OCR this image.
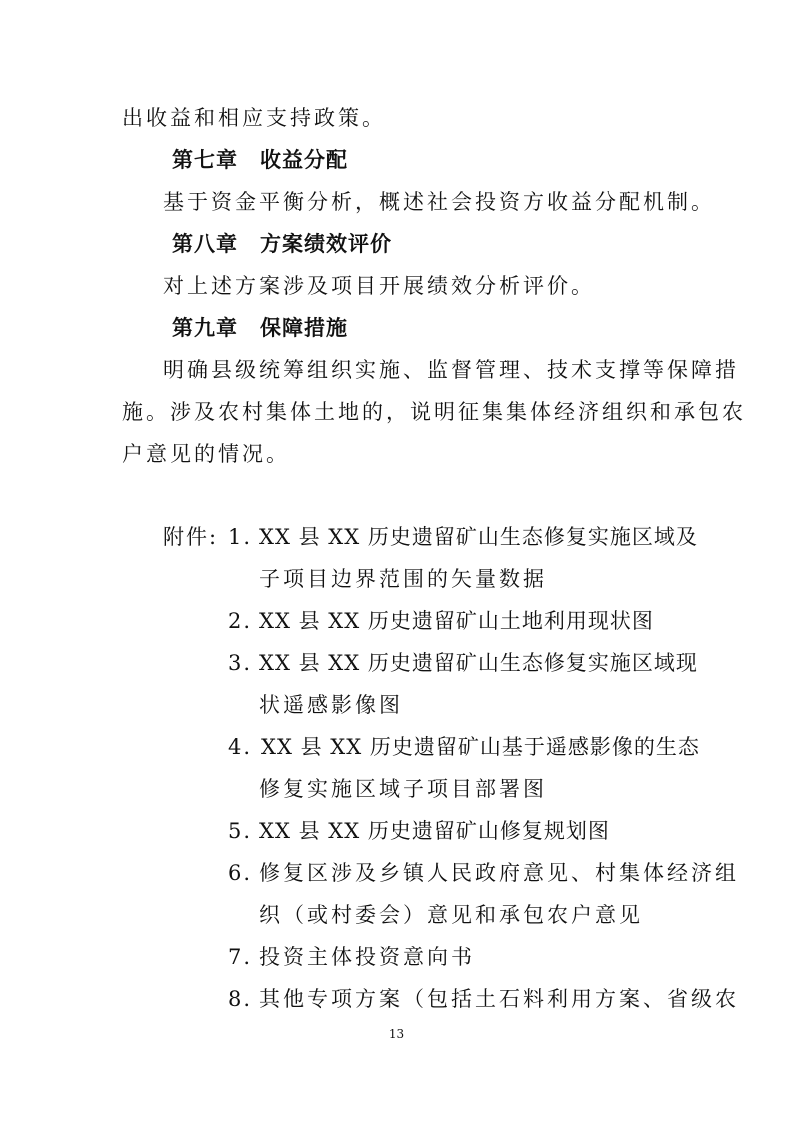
出收益和相应支持政策。
第七章 收益分配
基于资金平衡分析，概述社会投资方收益分配机制。
第八章 方案绩效评价
对上述方案涉及项目开展绩效分析评价。
第九章 保障措施
明确县级统筹组织实施、监督管理、技术支撑等保障措
施。涉及农村集体土地的，说明征集集体经济组织和承包农
户意见的情况。
附件: 1. XX 县 XX 历史遗留矿山生态修复实施区域及
子项目边界范围的矢量数据
2. XX 县 XX 历史遗留矿山土地利用现状图
3. XX 县 XX 历史遗留矿山生态修复实施区域现
状遥感影像图
4. XX 县 XX 历史遗留矿山基于遥感影像的生态
修复实施区域子项目部署图
5. XX 县 XX 历史遗留矿山修复规划图
6. 修复区涉及乡镇人民政府意见、村集体经济组
织（或村委会）意见和承包农户意见
7. 投资主体投资意向书
8. 其他专项方案（包括土石料利用方案、省级农
13
